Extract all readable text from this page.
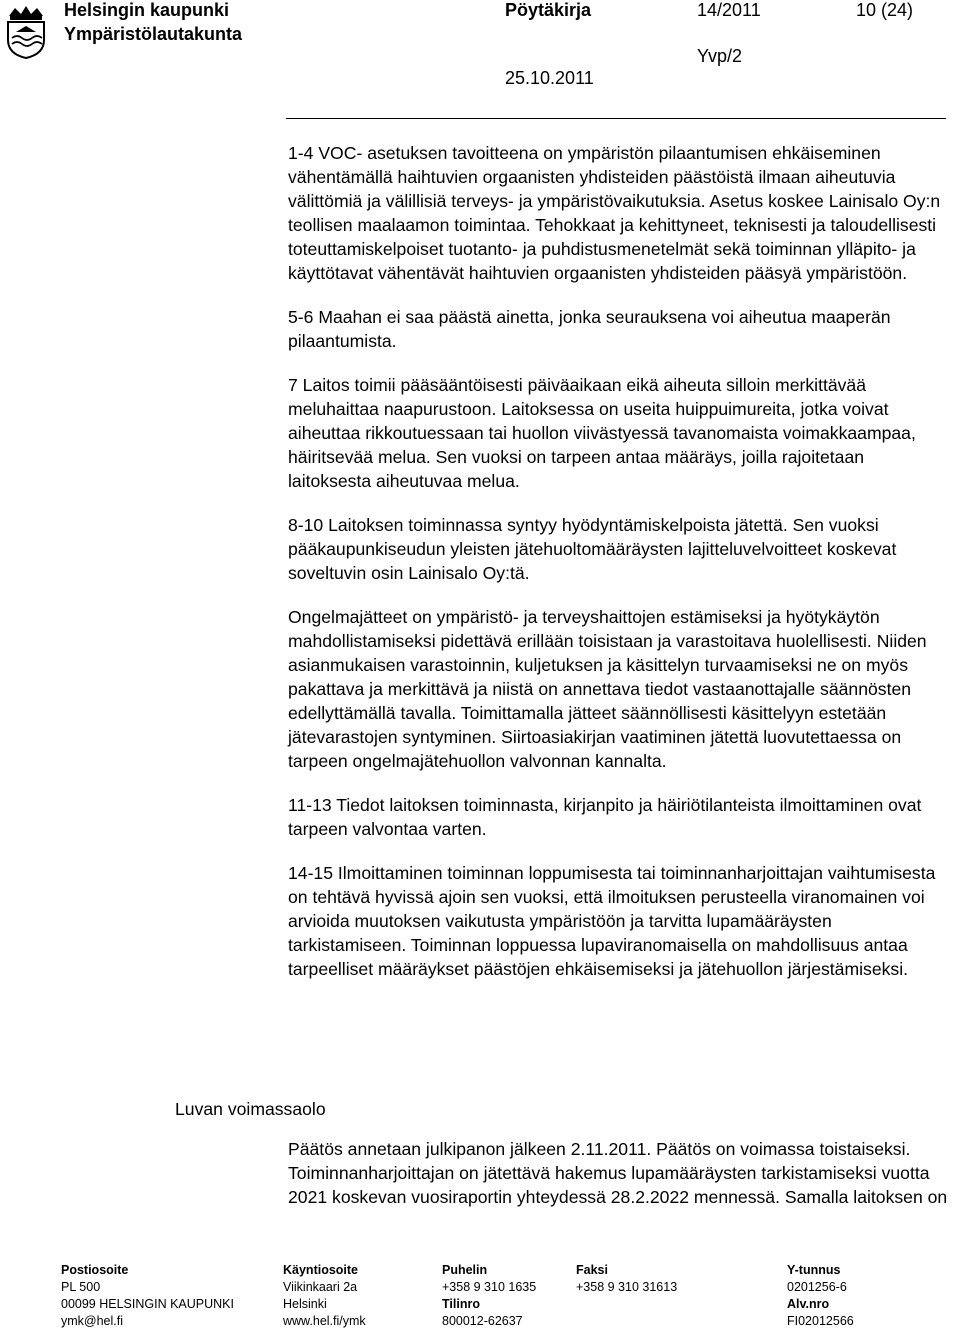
Helsingin kaupunki
Ympäristölautakunta
Pöytäkirja	14/2011	10 (24)
Yvp/2
25.10.2011

1-4 VOC- asetuksen tavoitteena on ympäristön pilaantumisen ehkäiseminen vähentämällä haihtuvien orgaanisten yhdisteiden päästöistä ilmaan aiheutuvia välittömiä ja välillisiä terveys- ja ympäristövaikutuksia. Asetus koskee Lainisalo Oy:n teollisen maalaamon toimintaa. Tehokkaat ja kehittyneet, teknisesti ja taloudellisesti toteuttamiskelpoiset tuotanto- ja puhdistusmenetelmät sekä toiminnan ylläpito- ja käyttötavat vähentävät haihtuvien orgaanisten yhdisteiden pääsyä ympäristöön.

5-6 Maahan ei saa päästä ainetta, jonka seurauksena voi aiheutua maaperän pilaantumista.

7 Laitos toimii pääsääntöisesti päiväaikaan eikä aiheuta silloin merkittävää meluhaittaa naapurustoon. Laitoksessa on useita huippuimureita, jotka voivat aiheuttaa rikkoutuessaan tai huollon viivästyessä tavanomaista voimakkaampaa, häiritsevää melua. Sen vuoksi on tarpeen antaa määräys, joilla rajoitetaan laitoksesta aiheutuvaa melua.

8-10 Laitoksen toiminnassa syntyy hyödyntämiskelpoista jätettä. Sen vuoksi pääkaupunkiseudun yleisten jätehuoltomääräysten lajitteluvelvoitteet koskevat soveltuvin osin Lainisalo Oy:tä.

Ongelmajätteet on ympäristö- ja terveyshaittojen estämiseksi ja hyötykäytön mahdollistamiseksi pidettävä erillään toisistaan ja varastoitava huolellisesti. Niiden asianmukaisen varastoinnin, kuljetuksen ja käsittelyn turvaamiseksi ne on myös pakattava ja merkittävä ja niistä on annettava tiedot vastaanottajalle säännösten edellyttämällä tavalla. Toimittamalla jätteet säännöllisesti käsittelyyn estetään jätevarastojen syntyminen. Siirtoasiakirjan vaatiminen jätettä luovutettaessa on tarpeen ongelmajätehuollon valvonnan kannalta.

11-13 Tiedot laitoksen toiminnasta, kirjanpito ja häiriötilanteista ilmoittaminen ovat tarpeen valvontaa varten.

14-15 Ilmoittaminen toiminnan loppumisesta tai toiminnanharjoittajan vaihtumisesta on tehtävä hyvissä ajoin sen vuoksi, että ilmoituksen perusteella viranomainen voi arvioida muutoksen vaikutusta ympäristöön ja tarvitta lupamääräysten tarkistamiseen. Toiminnan loppuessa lupaviranomaisella on mahdollisuus antaa tarpeelliset määräykset päästöjen ehkäisemiseksi ja jätehuollon järjestämiseksi.

Luvan voimassaolo

Päätös annetaan julkipanon jälkeen 2.11.2011. Päätös on voimassa toistaiseksi. Toiminnanharjoittajan on jätettävä hakemus lupamääräysten tarkistamiseksi vuotta 2021 koskevan vuosiraportin yhteydessä 28.2.2022 mennessä. Samalla laitoksen on

Postiosoite
PL 500
00099 HELSINGIN KAUPUNKI
ymk@hel.fi
Käyntiosoite
Viikinkaari 2a
Helsinki
www.hel.fi/ymk
Puhelin
+358 9 310 1635
Tilinro
800012-62637
Faksi
+358 9 310 31613
Y-tunnus
0201256-6
Alv.nro
FI02012566
